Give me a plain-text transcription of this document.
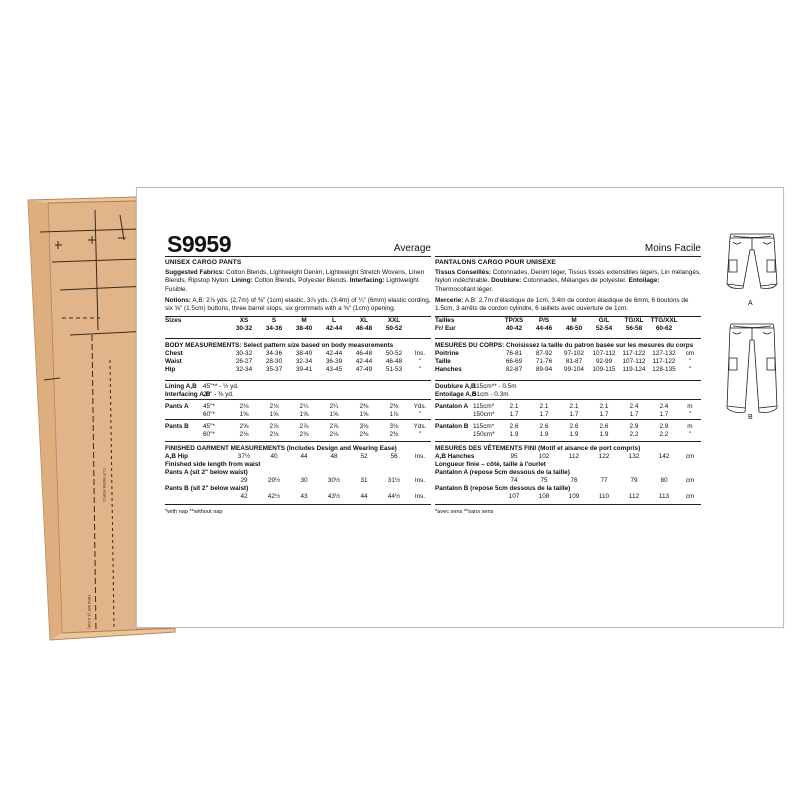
CUT HERE FOR C
HEM 5/8" (1.5 CM)
S9959	Average
UNISEX CARGO PANTS
Suggested Fabrics: Cotton Blends, Lightweight Denim, Lightweight Stretch Wovens, Linen Blends, Ripstop Nylon. Lining: Cotton Blends, Polyester Blends. Interfacing: Lightweight Fusible.
Notions: A,B: 2⅞ yds. (2.7m) of ⅜" (1cm) elastic, 3⅞ yds. (3.4m) of ¼" (6mm) elastic cording, six ⅝" (1.5cm) buttons, three barrel stops, six grommets with a ⅜" (1cm) opening.
Sizes	XS	S	M	L	XL	XXL	
	30-32	34-36	38-40	42-44	46-48	50-52	
BODY MEASUREMENTS: Select pattern size based on body measurements
Chest	30-32	34-36	38-40	42-44	46-48	50-52	Ins.
Waist	26-27	28-30	32-34	36-39	42-44	46-48	"
Hip	32-34	35-37	39-41	43-45	47-49	51-53	"
Lining A,B	45"** - ½ yd.							
Interfacing A,B	20" - ⅜ yd.							

Pants A	45"*	2⅛	2⅛	2¼	2¼	2⅜	2⅜	Yds.
	60"*	1⅝	1⅝	1⅝	1⅝	1⅝	1⅞	"

Pants B	45"*	2⅝	2⅞	2⅞	2⅞	3⅛	3⅛	Yds.
	60"*	2⅛	2⅛	2⅛	2⅛	2⅜	2⅜	"
FINISHED GARMENT MEASUREMENTS (Includes Design and Wearing Ease)
A,B Hip	37½	40	44	48	52	56	Ins.
Finished side length from waist							
Pants A (sit 2" below waist)							
	29	29½	30	30½	31	31½	Ins.
Pants B (sit 2" below waist)							
	42	42½	43	43½	44	44½	Ins.
*with nap **without nap
Moins Facile
PANTALONS CARGO POUR UNISEXE
Tissus Conseillés: Cotonnades, Denim léger, Tissus tissés extensibles légers, Lin mélangés, Nylon indéchirable. Doublure: Cotonnades, Mélanges de polyester. Entoilage: Thermocollant léger.
Mercerie: A,B: 2.7m d'élastique de 1cm, 3.4m de cordon élastique de 6mm, 6 boutons de 1.5cm, 3 arrêts de cordon cylindre, 6 œillets avec ouverture de 1cm.
Tailles	TP/XS	P/S	M	G/L	TG/XL	TTG/XXL	
Fr/ Eur	40-42	44-46	48-50	52-54	56-58	60-62	
MESURES DU CORPS: Choisissez la taille du patron basée sur les mesures du corps
Poitrine	76-81	87-92	97-102	107-112	117-122	127-132	cm
Taille	66-69	71-76	81-87	92-99	107-112	117-122	"
Hanches	82-87	89-94	99-104	109-115	119-124	128-135	"
Doublure A,B	115cm** - 0.5m							
Entoilage A,B	51cm - 0.3m							

Pantalon A	115cm*	2.1	2.1	2.1	2.1	2.4	2.4	m
	150cm*	1.7	1.7	1.7	1.7	1.7	1.7	"

Pantalon B	115cm*	2.6	2.6	2.6	2.6	2.9	2.9	m
	150cm*	1.9	1.9	1.9	1.9	2.2	2.2	"
MESURES DES VÊTEMENTS FINI (Motif et aisance de port compris)
A,B Hanches	95	102	112	122	132	142	cm
Longueur finie – côté, taille à l'ourlet							
Pantalon A (repose 5cm dessous de la taille)							
	74	75	76	77	79	80	cm
Pantalon B (repose 5cm dessous de la taille)							
	107	108	109	110	112	113	cm
*avec sens **sans sens
A
B
